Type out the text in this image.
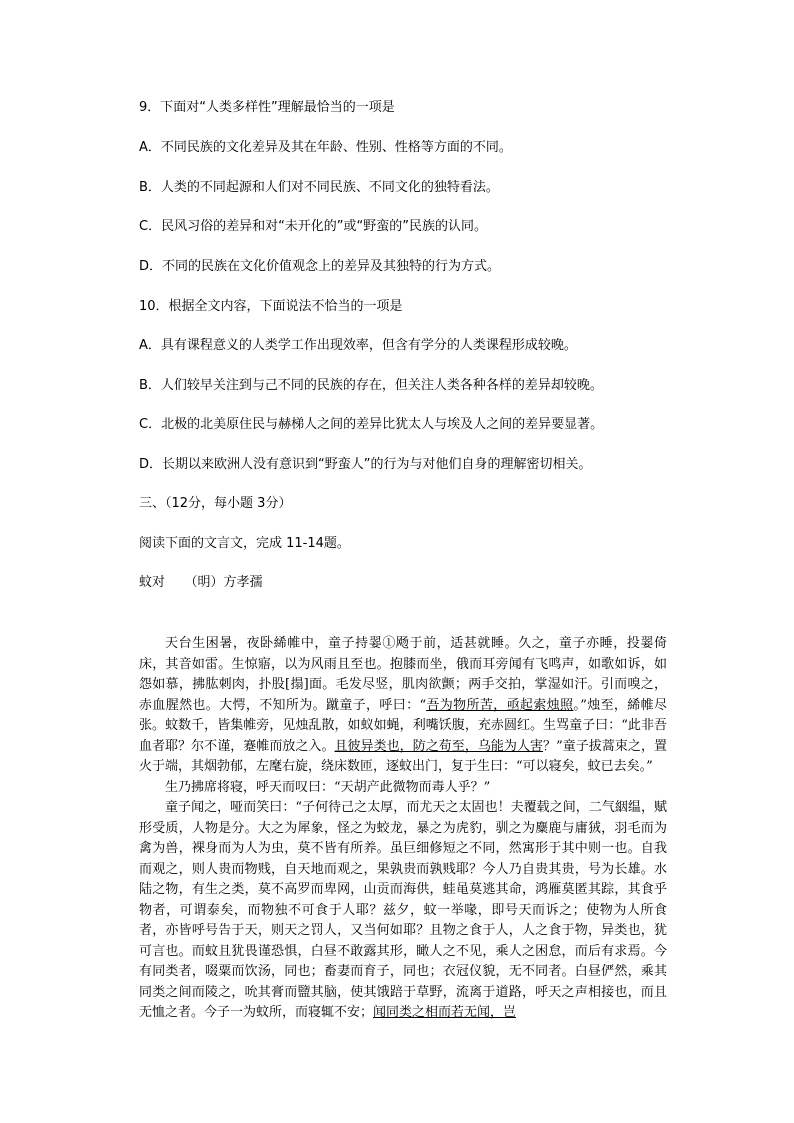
9．下面对“人类多样性”理解最恰当的一项是
A．不同民族的文化差异及其在年龄、性别、性格等方面的不同。
B．人类的不同起源和人们对不同民族、不同文化的独特看法。
C．民风习俗的差异和对“未开化的”或“野蛮的”民族的认同。
D．不同的民族在文化价值观念上的差异及其独特的行为方式。
10．根据全文内容，下面说法不恰当的一项是
A．具有课程意义的人类学工作出现效率，但含有学分的人类课程形成较晚。
B．人们较早关注到与己不同的民族的存在，但关注人类各种各样的差异却较晚。
C．北极的北美原住民与赫梯人之间的差异比犹太人与埃及人之间的差异要显著。
D．长期以来欧洲人没有意识到“野蛮人”的行为与对他们自身的理解密切相关。
三、（12分，每小题 3分）
阅读下面的文言文，完成 11-14题。
蚊对　　（明）方孝孺

天台生困暑，夜卧絺帷中，童子持翣①飏于前，适甚就睡。久之，童子亦睡，投翣倚床，其音如雷。生惊寤，以为风雨且至也。抱膝而坐，俄而耳旁闻有飞鸣声，如歌如诉，如怨如慕，拂肱刺肉，扑股[搨]面。毛发尽竖，肌肉欲颤；两手交拍，掌湿如汗。引而嗅之，赤血腥然也。大愕，不知所为。蹴童子，呼曰：“吾为物所苦，亟起索烛照。”烛至，絺帷尽张。蚊数千，皆集帷旁，见烛乱散，如蚁如蝇，利嘴饫腹，充赤圆红。生骂童子曰：“此非吾血者耶？尔不谨，蹇帷而放之入。且彼异类也，防之苟至，乌能为人害？”童子拔蒿束之，置火于端，其烟勃郁，左麾右旋，绕床数匝，逐蚊出门，复于生曰：“可以寝矣，蚊已去矣。”

生乃拂席将寝，呼天而叹曰：“天胡产此微物而毒人乎？”

童子闻之，哑而笑曰：“子何待己之太厚，而尤天之太固也！夫覆载之间，二气絪缊，赋形受质，人物是分。大之为犀象，怪之为蛟龙，暴之为虎豹，驯之为麋鹿与庸狨，羽毛而为禽为兽，裸身而为人为虫，莫不皆有所养。虽巨细修短之不同，然寓形于其中则一也。自我而观之，则人贵而物贱，自天地而观之，果孰贵而孰贱耶？今人乃自贵其贵，号为长雄。水陆之物，有生之类，莫不高罗而卑网，山贡而海供，蛙黾莫逃其命，鸿雁莫匿其踪，其食乎物者，可谓泰矣，而物独不可食于人耶？兹夕，蚊一举喙，即号天而诉之；使物为人所食者，亦皆呼号告于天，则天之罚人，又当何如耶？且物之食于人，人之食于物，异类也，犹可言也。而蚊且犹畏谨恐惧，白昼不敢露其形，瞰人之不见，乘人之困怠，而后有求焉。今有同类者，啜粟而饮汤，同也；畜妻而育子，同也；衣冠仪貌，无不同者。白昼俨然，乘其同类之间而陵之，吮其膏而盬其脑，使其饿踣于草野，流离于道路，呼天之声相接也，而且无恤之者。今子一为蚊所，而寝辄不安；闻同类之相而若无闻，岂
